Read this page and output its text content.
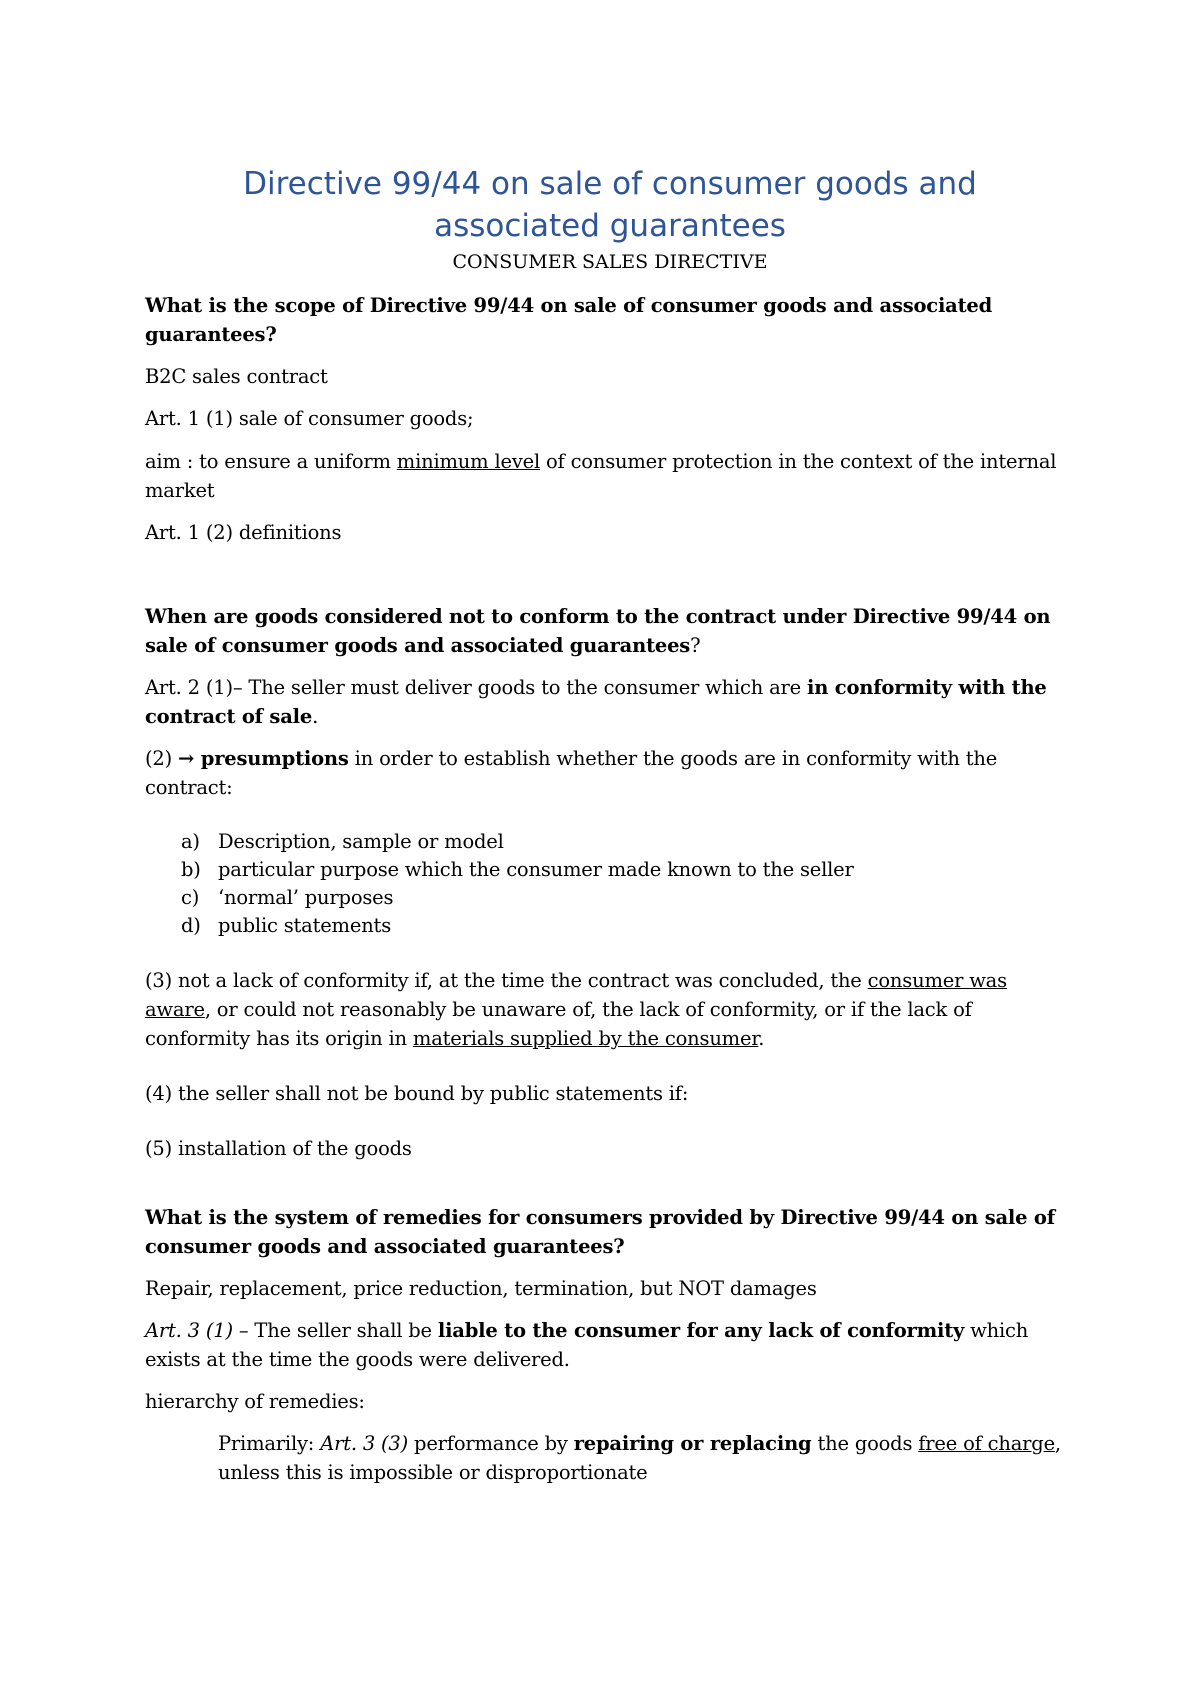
Directive 99/44 on sale of consumer goods and
associated guarantees
CONSUMER SALES DIRECTIVE

What is the scope of Directive 99/44 on sale of consumer goods and associated guarantees?

B2C sales contract

Art. 1 (1) sale of consumer goods;

aim : to ensure a uniform minimum level of consumer protection in the context of the internal market

Art. 1 (2) definitions

When are goods considered not to conform to the contract under Directive 99/44 on sale of consumer goods and associated guarantees?

Art. 2 (1)– The seller must deliver goods to the consumer which are in conformity with the contract of sale.

(2) → presumptions in order to establish whether the goods are in conformity with the contract:

a) Description, sample or model
b) particular purpose which the consumer made known to the seller
c) ‘normal’ purposes
d) public statements

(3) not a lack of conformity if, at the time the contract was concluded, the consumer was aware, or could not reasonably be unaware of, the lack of conformity, or if the lack of conformity has its origin in materials supplied by the consumer.

(4) the seller shall not be bound by public statements if:

(5) installation of the goods

What is the system of remedies for consumers provided by Directive 99/44 on sale of consumer goods and associated guarantees?

Repair, replacement, price reduction, termination, but NOT damages

Art. 3 (1) – The seller shall be liable to the consumer for any lack of conformity which exists at the time the goods were delivered.

hierarchy of remedies:

Primarily: Art. 3 (3) performance by repairing or replacing the goods free of charge, unless this is impossible or disproportionate
